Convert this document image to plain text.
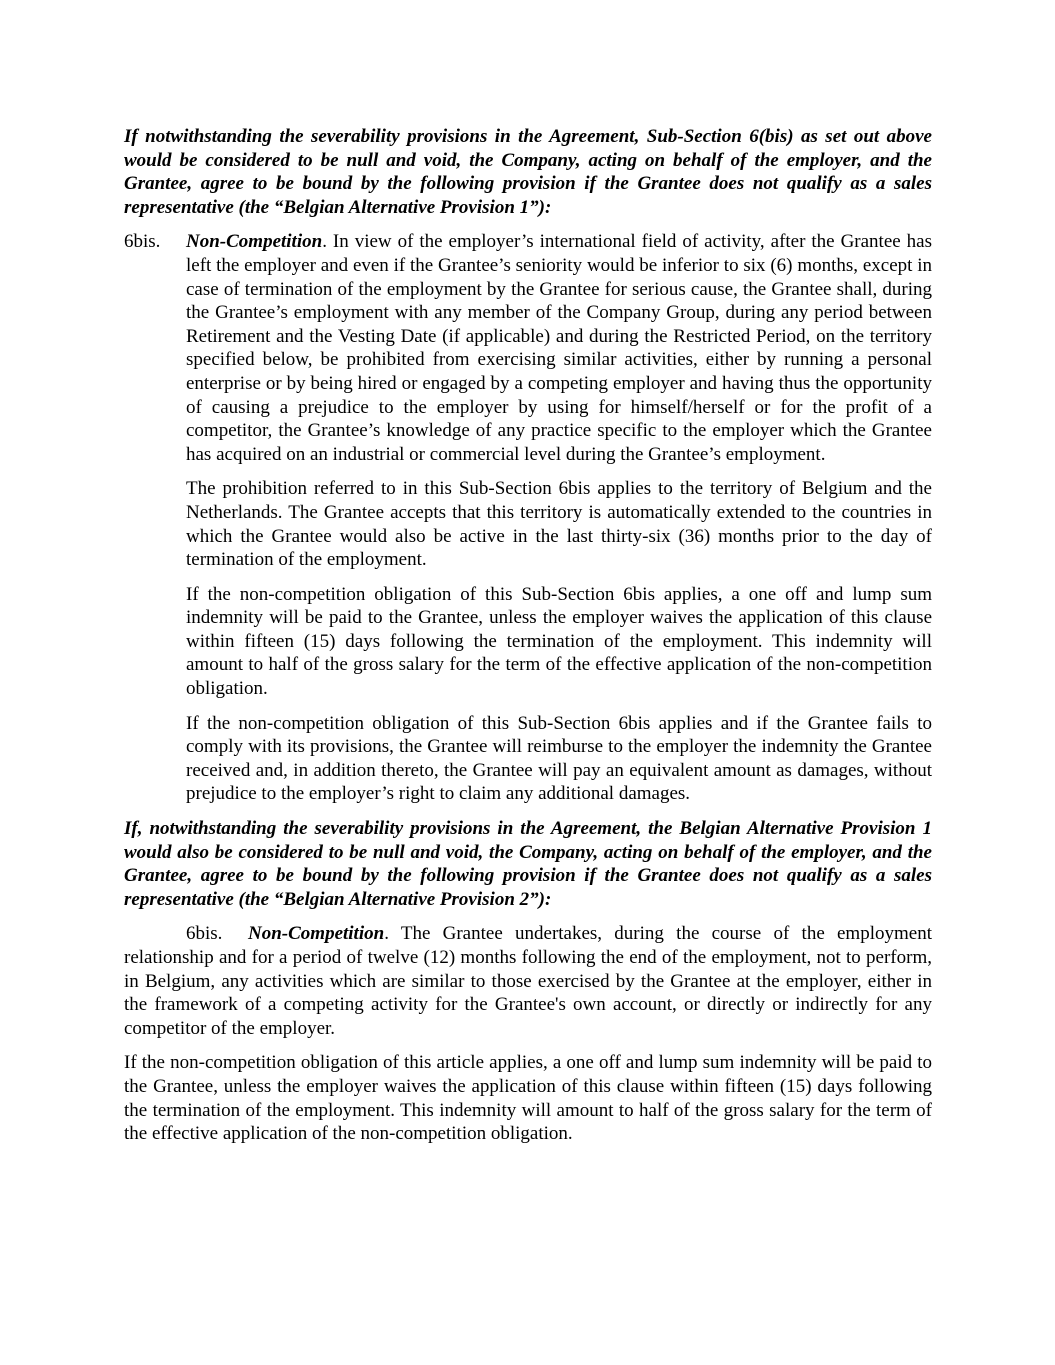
If notwithstanding the severability provisions in the Agreement, Sub-Section 6(bis) as set out above would be considered to be null and void, the Company, acting on behalf of the employer, and the Grantee, agree to be bound by the following provision if the Grantee does not qualify as a sales representative (the “Belgian Alternative Provision 1”):

6bis.	Non-Competition. In view of the employer’s international field of activity, after the Grantee has left the employer and even if the Grantee’s seniority would be inferior to six (6) months, except in case of termination of the employment by the Grantee for serious cause, the Grantee shall, during the Grantee’s employment with any member of the Company Group, during any period between Retirement and the Vesting Date (if applicable) and during the Restricted Period, on the territory specified below, be prohibited from exercising similar activities, either by running a personal enterprise or by being hired or engaged by a competing employer and having thus the opportunity of causing a prejudice to the employer by using for himself/herself or for the profit of a competitor, the Grantee’s knowledge of any practice specific to the employer which the Grantee has acquired on an industrial or commercial level during the Grantee’s employment.

The prohibition referred to in this Sub-Section 6bis applies to the territory of Belgium and the Netherlands. The Grantee accepts that this territory is automatically extended to the countries in which the Grantee would also be active in the last thirty-six (36) months prior to the day of termination of the employment.

If the non-competition obligation of this Sub-Section 6bis applies, a one off and lump sum indemnity will be paid to the Grantee, unless the employer waives the application of this clause within fifteen (15) days following the termination of the employment. This indemnity will amount to half of the gross salary for the term of the effective application of the non-competition obligation.

If the non-competition obligation of this Sub-Section 6bis applies and if the Grantee fails to comply with its provisions, the Grantee will reimburse to the employer the indemnity the Grantee received and, in addition thereto, the Grantee will pay an equivalent amount as damages, without prejudice to the employer’s right to claim any additional damages.

If, notwithstanding the severability provisions in the Agreement, the Belgian Alternative Provision 1 would also be considered to be null and void, the Company, acting on behalf of the employer, and the Grantee, agree to be bound by the following provision if the Grantee does not qualify as a sales representative (the “Belgian Alternative Provision 2”):

6bis. Non-Competition. The Grantee undertakes, during the course of the employment relationship and for a period of twelve (12) months following the end of the employment, not to perform, in Belgium, any activities which are similar to those exercised by the Grantee at the employer, either in the framework of a competing activity for the Grantee's own account, or directly or indirectly for any competitor of the employer.

If the non-competition obligation of this article applies, a one off and lump sum indemnity will be paid to the Grantee, unless the employer waives the application of this clause within fifteen (15) days following the termination of the employment. This indemnity will amount to half of the gross salary for the term of the effective application of the non-competition obligation.
